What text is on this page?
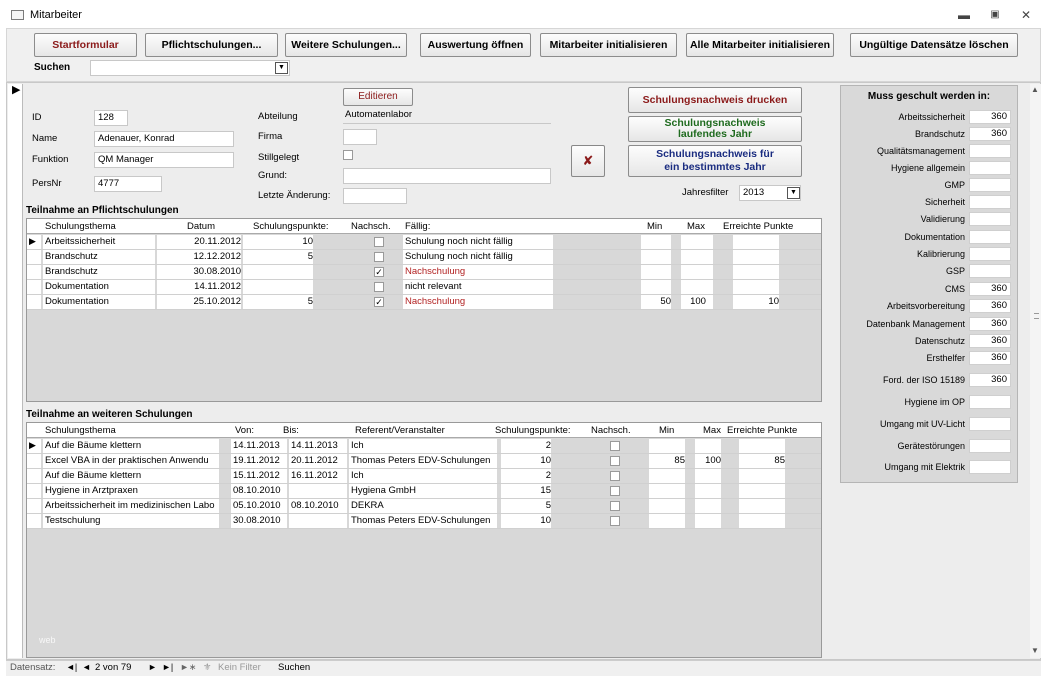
Mitarbeiter	▬	▣	✕
Startformular	Pflichtschulungen...	Weitere Schulungen...	Auswertung öffnen	Mitarbeiter initialisieren	Alle Mitarbeiter initialisieren	Ungültige Datensätze löschen
Suchen	▼
▶
ID	128
Name	Adenauer, Konrad
Funktion	QM Manager
PersNr	4777
Editieren
Abteilung	Automatenlabor
Firma
Stillgelegt
Grund:
Letzte Änderung:
✘
Schulungsnachweis drucken
Schulungsnachweis
laufendes Jahr
Schulungsnachweis für
ein bestimmtes Jahr
Jahresfilter	2013	▼
Teilnahme an Pflichtschulungen
Schulungsthema	Datum	Schulungspunkte: Nachsch. Fällig:	Min	Max Erreichte Punkte
▶ Arbeitssicherheit	20.11.2012	10	Schulung noch nicht fällig
Brandschutz	12.12.2012	5	Schulung noch nicht fällig
Brandschutz	30.08.2010	✓ Nachschulung
Dokumentation	14.11.2012	nicht relevant
Dokumentation	25.10.2012	5	✓ Nachschulung	50	100	10
Teilnahme an weiteren Schulungen
Schulungsthema	Von:	Bis:	Referent/Veranstalter	Schulungspunkte: Nachsch.	Min	Max Erreichte Punkte
▶ Auf die Bäume klettern	14.11.2013	14.11.2013	Ich	2
Excel VBA in der praktischen Anwendu	19.11.2012	20.11.2012	Thomas Peters EDV-Schulungen	10	85	100	85
Auf die Bäume klettern	15.11.2012	16.11.2012	Ich	2
Hygiene in Arztpraxen	08.10.2010	Hygiena GmbH	15
Arbeitssicherheit im medizinischen Labo	05.10.2010	08.10.2010	DEKRA	5
Testschulung	30.08.2010	Thomas Peters EDV-Schulungen	10
web
Muss geschult werden in:
Arbeitssicherheit	360
Brandschutz	360
Qualitätsmanagement
Hygiene allgemein
GMP
Sicherheit
Validierung
Dokumentation
Kalibrierung
GSP
CMS	360
Arbeitsvorbereitung	360
Datenbank Management	360
Datenschutz	360
Ersthelfer	360
Ford. der ISO 15189	360
Hygiene im OP
Umgang mit UV-Licht
Gerätestörungen
Umgang mit Elektrik
▲
▼
Datensatz: ◄| ◄ 2 von 79 ► ►| ►∗ ⚜ Kein Filter Suchen
